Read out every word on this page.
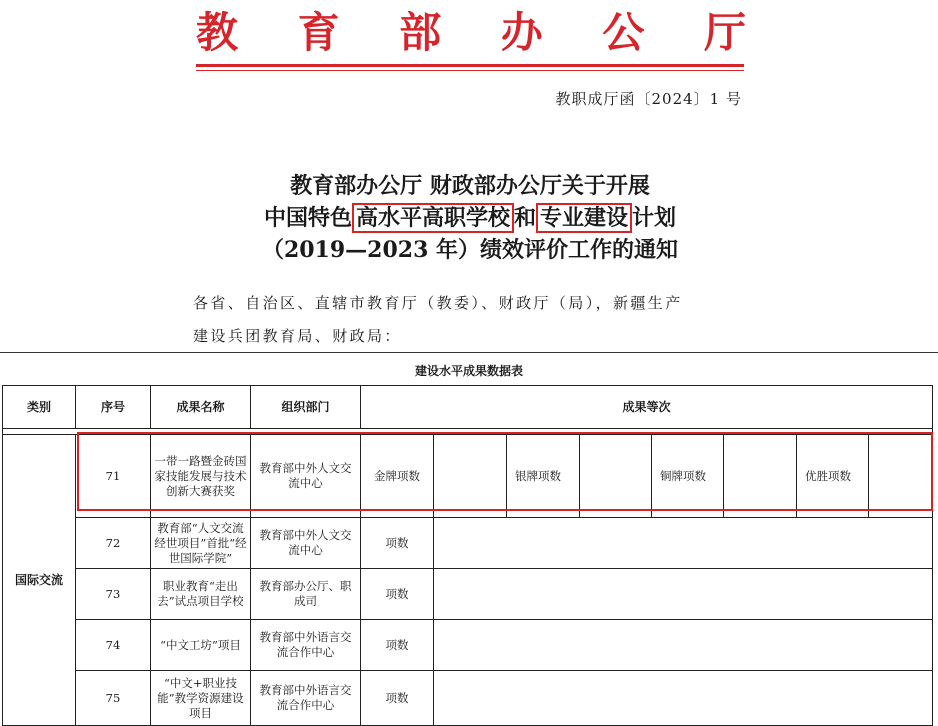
教 育 部 办 公 厅
教职成厅函〔2024〕1 号
教育部办公厅 财政部办公厅关于开展
中国特色 高水平高职学校 和 专业建设 计划
（2019—2023 年）绩效评价工作的通知
各省、自治区、直辖市教育厅（教委）、财政厅（局），新疆生产
建设兵团教育局、财政局：
建设水平成果数据表
类别	序号	成果名称	组织部门	成果等次							

国际交流	71	一带一路暨金砖国家技能发展与技术创新大赛获奖	教育部中外人文交流中心	金牌项数		银牌项数		铜牌项数		优胜项数	
	72	教育部“人文交流经世项目”首批“经世国际学院”	教育部中外人文交流中心	项数							
	73	职业教育“走出去”试点项目学校	教育部办公厅、职成司	项数							
	74	“中文工坊”项目	教育部中外语言交流合作中心	项数							
	75	“中文+职业技能”教学资源建设项目	教育部中外语言交流合作中心	项数							
